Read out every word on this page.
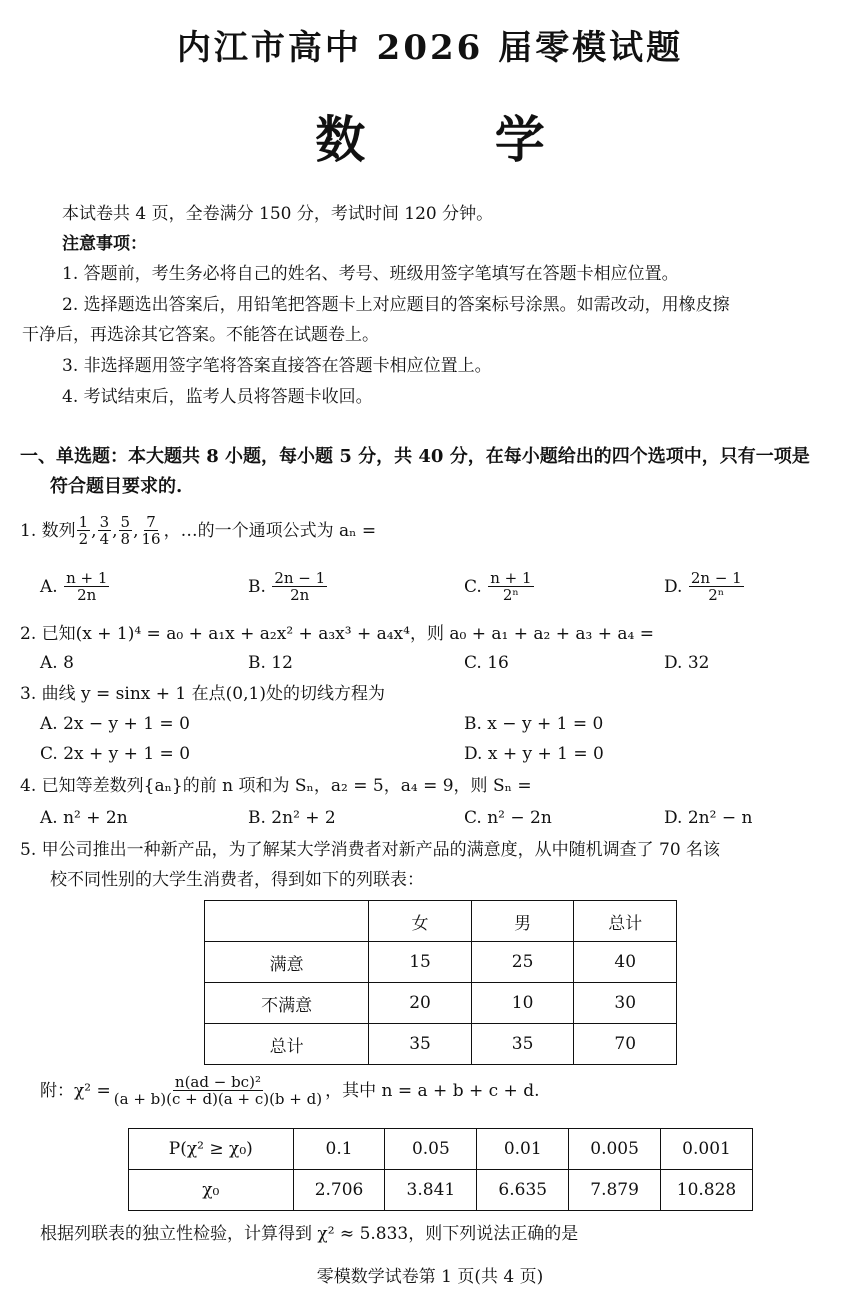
内江市高中 2026 届零模试题
数 学
本试卷共 4 页，全卷满分 150 分，考试时间 120 分钟。
注意事项：
1. 答题前，考生务必将自己的姓名、考号、班级用签字笔填写在答题卡相应位置。
2. 选择题选出答案后，用铅笔把答题卡上对应题目的答案标号涂黑。如需改动，用橡皮擦
干净后，再选涂其它答案。不能答在试题卷上。
3. 非选择题用签字笔将答案直接答在答题卡相应位置上。
4. 考试结束后，监考人员将答题卡收回。
一、单选题：本大题共 8 小题，每小题 5 分，共 40 分，在每小题给出的四个选项中，只有一项是
符合题目要求的.
1. 数列 $\frac{1}{2}$ , $\frac{3}{4}$ , $\frac{5}{8}$ , $\frac{7}{16}$ ，…的一个通项公式为 aₙ =
A.
$\frac{n + 1}{2n}$	B.
$\frac{2n - 1}{2n}$	C.
$\frac{n + 1}{\text{2ⁿ}}$	D.
$\frac{2n - 1}{\text{2ⁿ}}$
2. 已知(x + 1)⁴ = a₀ + a₁x + a₂x² + a₃x³ + a₄x⁴，则 a₀ + a₁ + a₂ + a₃ + a₄ =
A. 8	B. 12	C. 16	D. 32
3. 曲线 y = sinx + 1 在点(0,1)处的切线方程为
A. 2x − y + 1 = 0	B. x − y + 1 = 0
C. 2x + y + 1 = 0	D. x + y + 1 = 0
4. 已知等差数列{aₙ}的前 n 项和为 Sₙ，a₂ = 5，a₄ = 9，则 Sₙ =
A. n² + 2n	B. 2n² + 2	C. n² − 2n	D. 2n² − n
5. 甲公司推出一种新产品，为了解某大学消费者对新产品的满意度，从中随机调查了 70 名该
校不同性别的大学生消费者，得到如下的列联表：
	女	男	总计
满意	15	25	40
不满意	20	10	30
总计	35	35	70
附：$\chi^2 = \frac{\text{n(ad − bc)²}}{(a + b)(c + d)(a + c)(b + d)}$ ，其中 n = a + b + c + d.
P(χ² ≥ χ₀)	0.1	0.05	0.01	0.005	0.001
χ₀	2.706	3.841	6.635	7.879	10.828
根据列联表的独立性检验，计算得到 χ² ≈ 5.833，则下列说法正确的是
零模数学试卷第 1 页(共 4 页)
